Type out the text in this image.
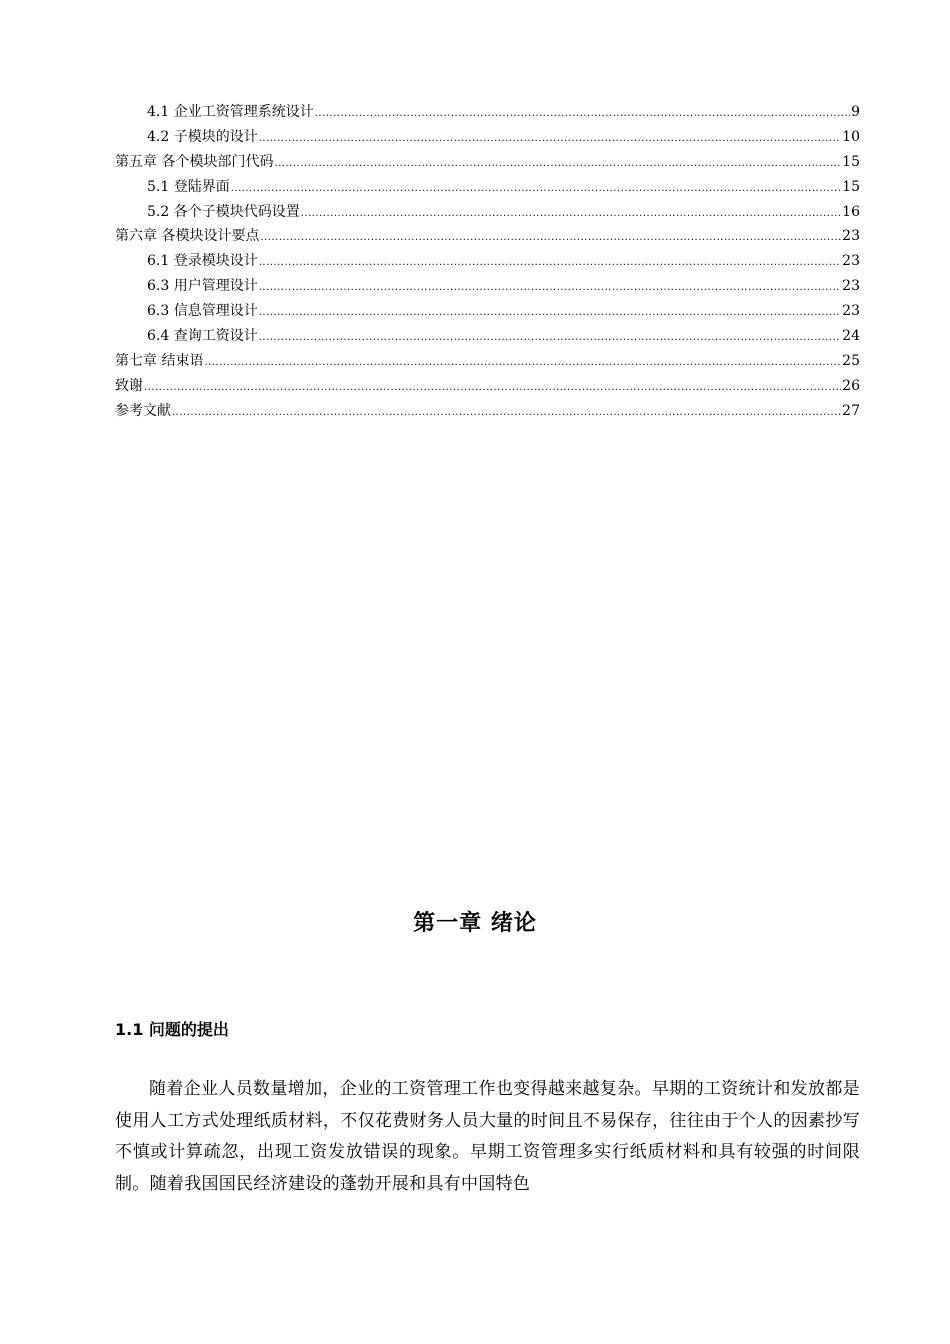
4.1 企业工资管理系统设计 .....	9
4.2 子模块的设计 .....	10
第五章 各个模块部门代码 .....	15
5.1 登陆界面 .....	15
5.2 各个子模块代码设置 .....	16
第六章 各模块设计要点 .....	23
6.1 登录模块设计 .....	23
6.3 用户管理设计 .....	23
6.3 信息管理设计 .....	23
6.4 查询工资设计 .....	24
第七章 结束语 .....	25
致谢 .....	26
参考文献 .....	27
第一章 绪论
1.1 问题的提出

随着企业人员数量增加，企业的工资管理工作也变得越来越复杂。早期的工资统计和发放都是使用人工方式处理纸质材料，不仅花费财务人员大量的时间且不易保存，往往由于个人的因素抄写不慎或计算疏忽，出现工资发放错误的现象。早期工资管理多实行纸质材料和具有较强的时间限制。随着我国国民经济建设的蓬勃开展和具有中国特色
